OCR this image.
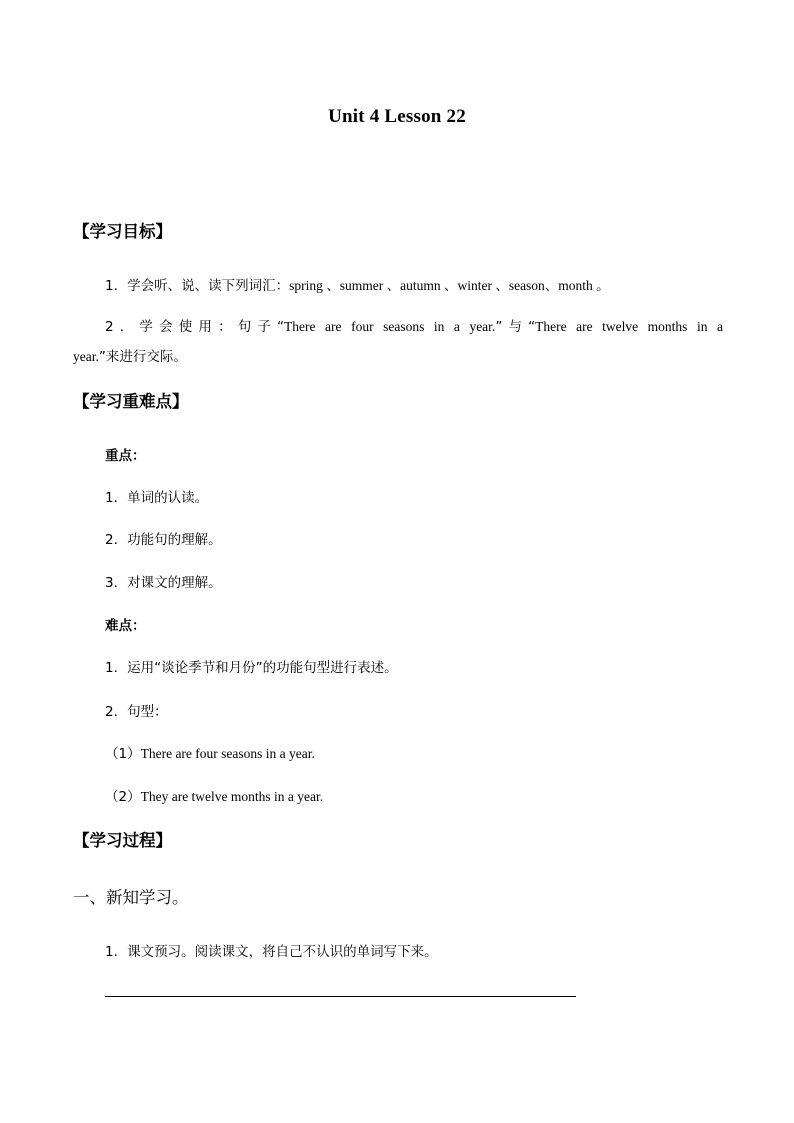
Unit 4 Lesson 22
【学习目标】
1．学会听、说、读下列词汇：spring 、summer 、autumn 、winter 、season、month 。
2．学会使用：句子“There are four seasons in a year.”与“There are twelve months in a
year.”来进行交际。
【学习重难点】
重点：
1．单词的认读。
2．功能句的理解。
3．对课文的理解。
难点：
1．运用“谈论季节和月份”的功能句型进行表述。
2．句型：
（1）There are four seasons in a year.
（2）They are twelve months in a year.
【学习过程】
一、新知学习。
1．课文预习。阅读课文，将自己不认识的单词写下来。
